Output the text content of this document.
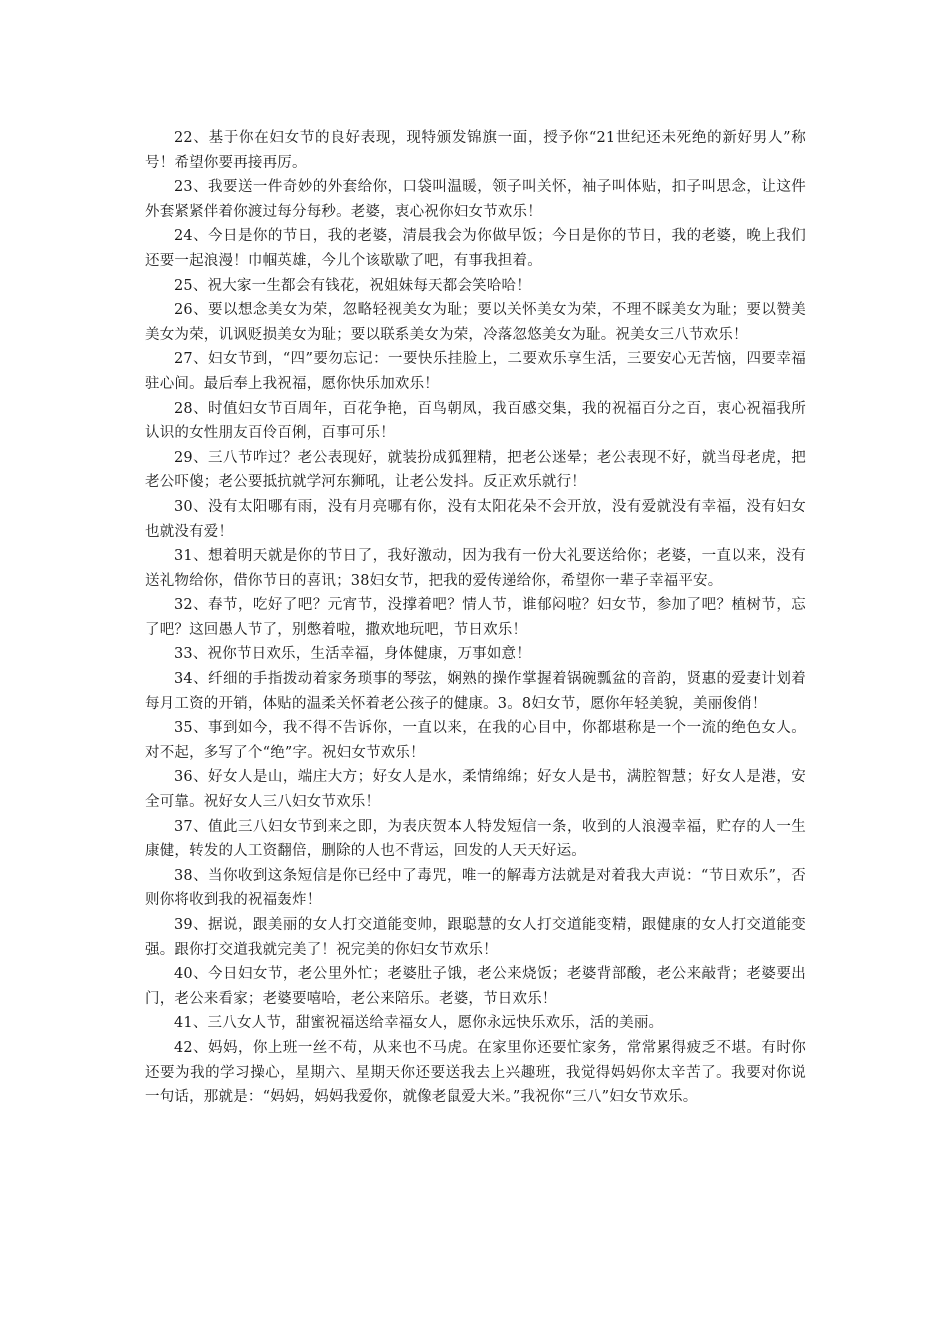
22、基于你在妇女节的良好表现，现特颁发锦旗一面，授予你“21世纪还未死绝的新好男人”称号！希望你要再接再厉。

23、我要送一件奇妙的外套给你，口袋叫温暖，领子叫关怀，袖子叫体贴，扣子叫思念，让这件外套紧紧伴着你渡过每分每秒。老婆，衷心祝你妇女节欢乐！

24、今日是你的节日，我的老婆，清晨我会为你做早饭；今日是你的节日，我的老婆，晚上我们还要一起浪漫！巾帼英雄，今儿个该歇歇了吧，有事我担着。

25、祝大家一生都会有钱花，祝姐妹每天都会笑哈哈！

26、要以想念美女为荣，忽略轻视美女为耻；要以关怀美女为荣，不理不睬美女为耻；要以赞美美女为荣，讥讽贬损美女为耻；要以联系美女为荣，冷落忽悠美女为耻。祝美女三八节欢乐！

27、妇女节到，“四”要勿忘记：一要快乐挂脸上，二要欢乐享生活，三要安心无苦恼，四要幸福驻心间。最后奉上我祝福，愿你快乐加欢乐！

28、时值妇女节百周年，百花争艳，百鸟朝凤，我百感交集，我的祝福百分之百，衷心祝福我所认识的女性朋友百伶百俐，百事可乐！

29、三八节咋过？老公表现好，就装扮成狐狸精，把老公迷晕；老公表现不好，就当母老虎，把老公吓傻；老公要抵抗就学河东狮吼，让老公发抖。反正欢乐就行！

30、没有太阳哪有雨，没有月亮哪有你，没有太阳花朵不会开放，没有爱就没有幸福，没有妇女也就没有爱！

31、想着明天就是你的节日了，我好激动，因为我有一份大礼要送给你；老婆，一直以来，没有送礼物给你，借你节日的喜讯；38妇女节，把我的爱传递给你，希望你一辈子幸福平安。

32、春节，吃好了吧？元宵节，没撑着吧？情人节，谁郁闷啦？妇女节，参加了吧？植树节，忘了吧？这回愚人节了，别憋着啦，撒欢地玩吧，节日欢乐！

33、祝你节日欢乐，生活幸福，身体健康，万事如意！

34、纤细的手指拨动着家务琐事的琴弦，娴熟的操作掌握着锅碗瓢盆的音韵，贤惠的爱妻计划着每月工资的开销，体贴的温柔关怀着老公孩子的健康。3。8妇女节，愿你年轻美貌，美丽俊俏！

35、事到如今，我不得不告诉你，一直以来，在我的心目中，你都堪称是一个一流的绝色女人。对不起，多写了个“绝”字。祝妇女节欢乐！

36、好女人是山，端庄大方；好女人是水，柔情绵绵；好女人是书，满腔智慧；好女人是港，安全可靠。祝好女人三八妇女节欢乐！

37、值此三八妇女节到来之即，为表庆贺本人特发短信一条，收到的人浪漫幸福，贮存的人一生康健，转发的人工资翻倍，删除的人也不背运，回发的人天天好运。

38、当你收到这条短信是你已经中了毒咒，唯一的解毒方法就是对着我大声说：“节日欢乐”，否则你将收到我的祝福轰炸！

39、据说，跟美丽的女人打交道能变帅，跟聪慧的女人打交道能变精，跟健康的女人打交道能变强。跟你打交道我就完美了！祝完美的你妇女节欢乐！

40、今日妇女节，老公里外忙；老婆肚子饿，老公来烧饭；老婆背部酸，老公来敲背；老婆要出门，老公来看家；老婆要嘻哈，老公来陪乐。老婆，节日欢乐！

41、三八女人节，甜蜜祝福送给幸福女人，愿你永远快乐欢乐，活的美丽。

42、妈妈，你上班一丝不苟，从来也不马虎。在家里你还要忙家务，常常累得疲乏不堪。有时你还要为我的学习操心，星期六、星期天你还要送我去上兴趣班，我觉得妈妈你太辛苦了。我要对你说一句话，那就是：“妈妈，妈妈我爱你，就像老鼠爱大米。”我祝你“三八”妇女节欢乐。
